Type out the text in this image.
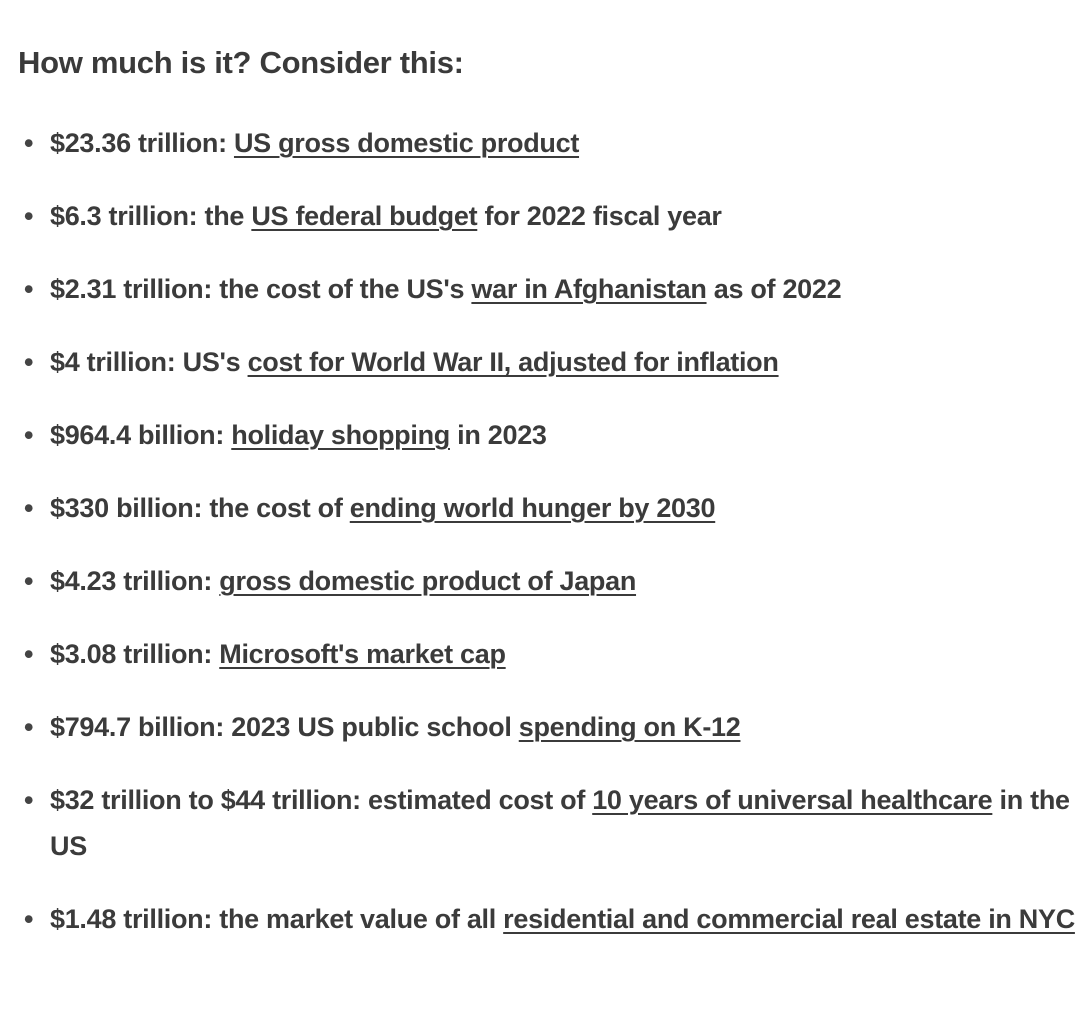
How much is it? Consider this:
• $23.36 trillion: US gross domestic product
• $6.3 trillion: the US federal budget for 2022 fiscal year
• $2.31 trillion: the cost of the US's war in Afghanistan as of 2022
• $4 trillion: US's cost for World War II, adjusted for inflation
• $964.4 billion: holiday shopping in 2023
• $330 billion: the cost of ending world hunger by 2030
• $4.23 trillion: gross domestic product of Japan
• $3.08 trillion: Microsoft's market cap
• $794.7 billion: 2023 US public school spending on K-12
• $32 trillion to $44 trillion: estimated cost of 10 years of universal healthcare in the US
• $1.48 trillion: the market value of all residential and commercial real estate in NYC
